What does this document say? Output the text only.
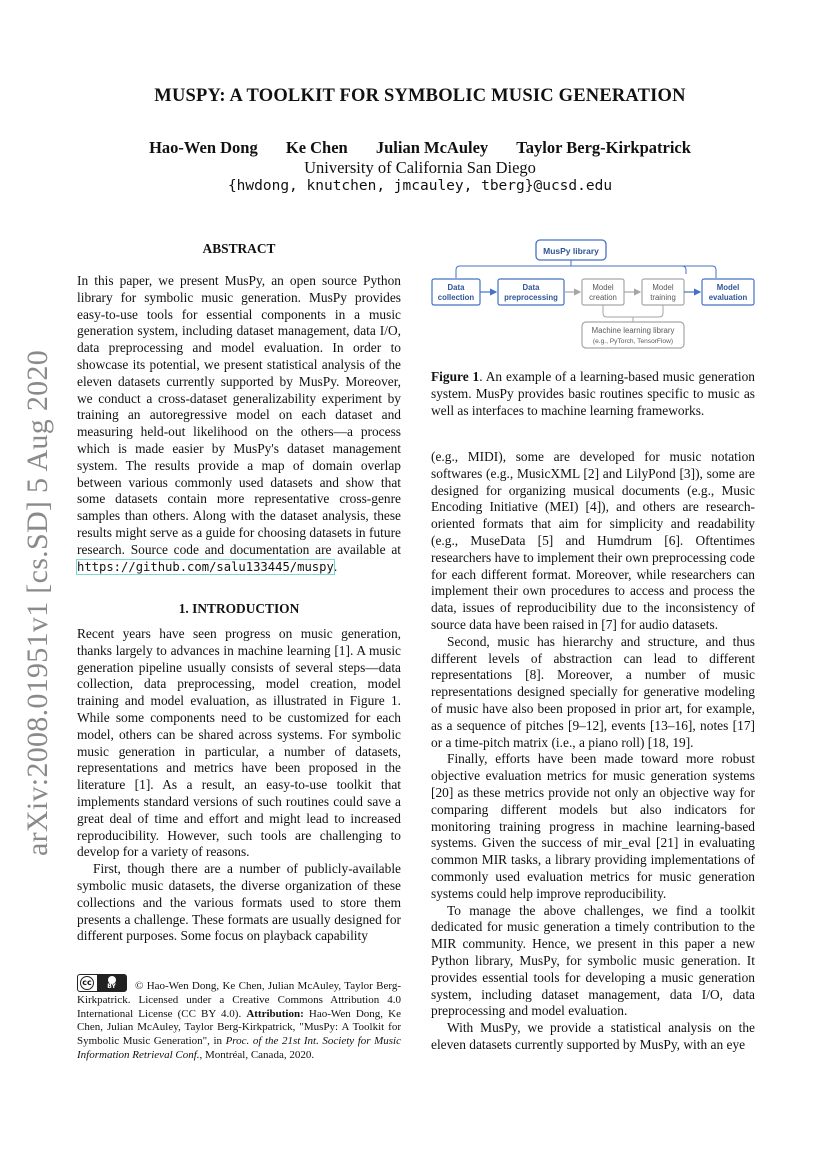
arXiv:2008.01951v1 [cs.SD] 5 Aug 2020
MUSPY: A TOOLKIT FOR SYMBOLIC MUSIC GENERATION
Hao-Wen Dong Ke Chen Julian McAuley Taylor Berg-Kirkpatrick
University of California San Diego
{hwdong, knutchen, jmcauley, tberg}@ucsd.edu

ABSTRACT

In this paper, we present MusPy, an open source Python library for symbolic music generation. MusPy provides easy-to-use tools for essential components in a music generation system, including dataset management, data I/O, data preprocessing and model evaluation. In order to showcase its potential, we present statistical analysis of the eleven datasets currently supported by MusPy. Moreover, we conduct a cross-dataset generalizability experiment by training an autoregressive model on each dataset and measuring held-out likelihood on the others—a process which is made easier by MusPy's dataset management system. The results provide a map of domain overlap between various commonly used datasets and show that some datasets contain more representative cross-genre samples than others. Along with the dataset analysis, these results might serve as a guide for choosing datasets in future research. Source code and documentation are available at https://github.com/salu133445/muspy.

1. INTRODUCTION

Recent years have seen progress on music generation, thanks largely to advances in machine learning [1]. A music generation pipeline usually consists of several steps—data collection, data preprocessing, model creation, model training and model evaluation, as illustrated in Figure 1. While some components need to be customized for each model, others can be shared across systems. For symbolic music generation in particular, a number of datasets, representations and metrics have been proposed in the literature [1]. As a result, an easy-to-use toolkit that implements standard versions of such routines could save a great deal of time and effort and might lead to increased reproducibility. However, such tools are challenging to develop for a variety of reasons.

First, though there are a number of publicly-available symbolic music datasets, the diverse organization of these collections and the various formats used to store them presents a challenge. These formats are usually designed for different purposes. Some focus on playback capability

MusPy library
Data
collection
Data
preprocessing
Model
creation
Model
training
Model
evaluation
Machine learning library
(e.g., PyTorch, TensorFlow)
Figure 1. An example of a learning-based music generation system. MusPy provides basic routines specific to music as well as interfaces to machine learning frameworks.

(e.g., MIDI), some are developed for music notation softwares (e.g., MusicXML [2] and LilyPond [3]), some are designed for organizing musical documents (e.g., Music Encoding Initiative (MEI) [4]), and others are research-oriented formats that aim for simplicity and readability (e.g., MuseData [5] and Humdrum [6]. Oftentimes researchers have to implement their own preprocessing code for each different format. Moreover, while researchers can implement their own procedures to access and process the data, issues of reproducibility due to the inconsistency of source data have been raised in [7] for audio datasets.

Second, music has hierarchy and structure, and thus different levels of abstraction can lead to different representations [8]. Moreover, a number of music representations designed specially for generative modeling of music have also been proposed in prior art, for example, as a sequence of pitches [9–12], events [13–16], notes [17] or a time-pitch matrix (i.e., a piano roll) [18, 19].

Finally, efforts have been made toward more robust objective evaluation metrics for music generation systems [20] as these metrics provide not only an objective way for comparing different models but also indicators for monitoring training progress in machine learning-based systems. Given the success of mir_eval [21] in evaluating common MIR tasks, a library providing implementations of commonly used evaluation metrics for music generation systems could help improve reproducibility.

To manage the above challenges, we find a toolkit dedicated for music generation a timely contribution to the MIR community. Hence, we present in this paper a new Python library, MusPy, for symbolic music generation. It provides essential tools for developing a music generation system, including dataset management, data I/O, data preprocessing and model evaluation.

With MusPy, we provide a statistical analysis on the eleven datasets currently supported by MusPy, with an eye

cc	BY	© Hao-Wen Dong, Ke Chen, Julian McAuley, Taylor Berg-Kirkpatrick. Licensed under a Creative Commons Attribution 4.0 International License (CC BY 4.0). Attribution: Hao-Wen Dong, Ke Chen, Julian McAuley, Taylor Berg-Kirkpatrick, "MusPy: A Toolkit for Symbolic Music Generation", in Proc. of the 21st Int. Society for Music Information Retrieval Conf., Montréal, Canada, 2020.
